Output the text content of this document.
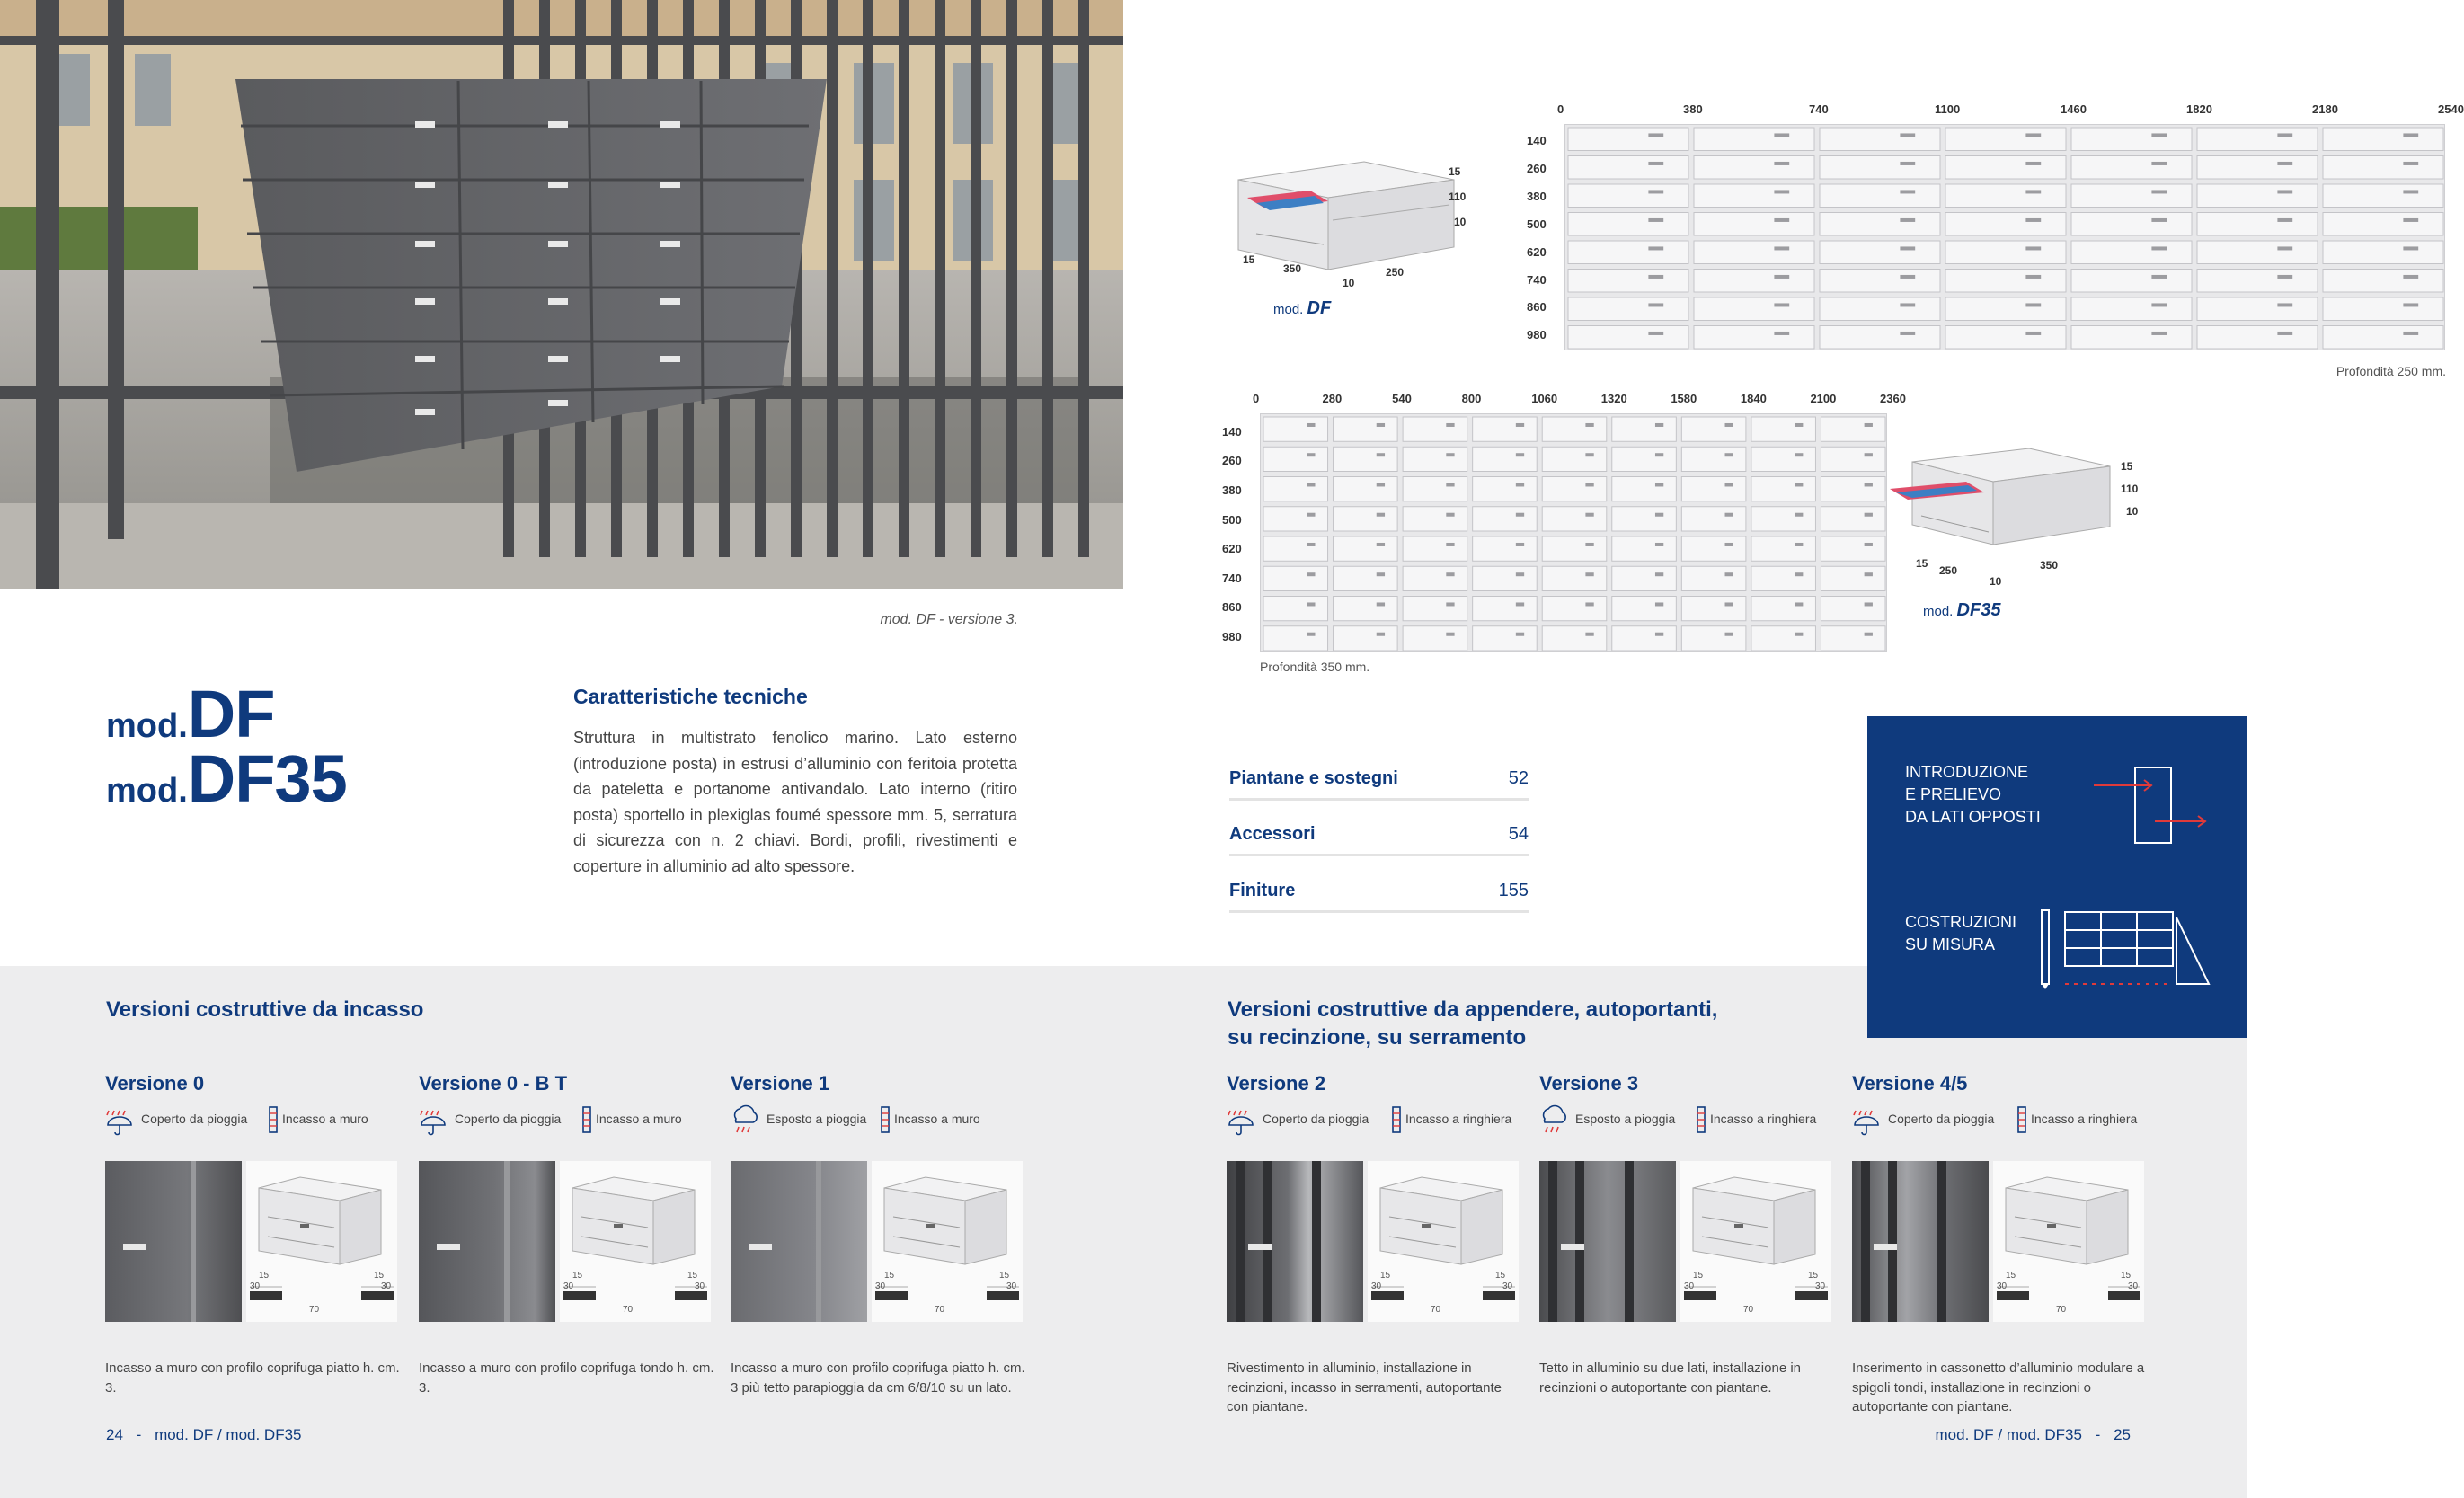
mod. DF - versione 3.
mod.DF
mod.DF35
Caratteristiche tecniche
Struttura in multistrato fenolico marino. Lato esterno (introduzione posta) in estrusi d’alluminio con feritoia protetta da pateletta e portanome antivandalo. Lato interno (ritiro posta) sportello in plexiglas foumé spessore mm. 5, serratura di sicurezza con n. 2 chiavi. Bordi, profili, rivestimenti e coperture in alluminio ad alto spessore.
15
110
10
15
350
10
250
mod. DF
0	380	740	1100	1460	1820	2180	2540
140
260
380
500
620
740
860
980
Profondità 250 mm.
0	280	540	800	1060	1320	1580	1840	2100	2360
140
260
380
500
620
740
860
980
Profondità 350 mm.
15
110
10
15
250
10
350
mod. DF35
Piantane e sostegni	52
Accessori	54
Finiture	155
INTRODUZIONE
E PRELIEVO
DA LATI OPPOSTI
COSTRUZIONI
SU MISURA
Versioni costruttive da incasso	Versioni costruttive da appendere, autoportanti,
su recinzione, su serramento
Versione 0
Coperto da pioggia	Incasso a muro
15
30
15
30
70
Incasso a muro con profilo coprifuga piatto h. cm. 3.
Versione 0 - B T
Coperto da pioggia	Incasso a muro
15
30
15
30
70
Incasso a muro con profilo coprifuga tondo h. cm. 3.
Versione 1
Esposto a pioggia Incasso a muro
15
30
15
30
70
Incasso a muro con profilo coprifuga piatto h. cm. 3 più tetto parapioggia da cm 6/8/10 su un lato.
Versione 2
Coperto da pioggia	Incasso a ringhiera
15
30
15
30
70
Rivestimento in alluminio, installazione in recinzioni, incasso in serramenti, autoportante con piantane.
Versione 3
Esposto a pioggia	Incasso a ringhiera
15
30
15
30
70
Tetto in alluminio su due lati, installazione in recinzioni o autoportante con piantane.
Versione 4/5
Coperto da pioggia	Incasso a ringhiera
15
30
15
30
70
Inserimento in cassonetto d’alluminio modulare a spigoli tondi, installazione in recinzioni o autoportante con piantane.
24 - mod. DF / mod. DF35	mod. DF / mod. DF35 - 25
